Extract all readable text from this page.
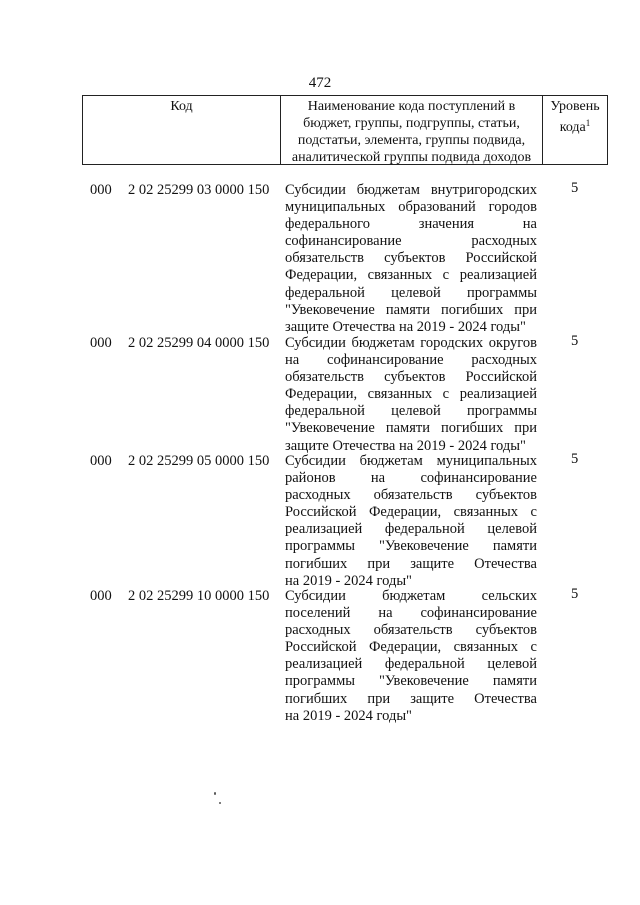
472
Код	Наименование кода поступлений в
бюджет, группы, подгруппы, статьи,
подстатьи, элемента, группы подвида,
аналитической группы подвида доходов
Уровень
кода$^1$
000 2 02 25299 03 0000 150 Субсидии бюджетам внутригородских
муниципальных образований городов
федерального значения на
софинансирование расходных
обязательств субъектов Российской
Федерации, связанных с реализацией
федеральной целевой программы
"Увековечение памяти погибших при
защите Отечества на 2019 - 2024 годы"
5
000 2 02 25299 04 0000 150 Субсидии бюджетам городских округов
на софинансирование расходных
обязательств субъектов Российской
Федерации, связанных с реализацией
федеральной целевой программы
"Увековечение памяти погибших при
защите Отечества на 2019 - 2024 годы"
5
000 2 02 25299 05 0000 150 Субсидии бюджетам муниципальных
районов на софинансирование
расходных обязательств субъектов
Российской Федерации, связанных с
реализацией федеральной целевой
программы "Увековечение памяти
погибших при защите Отечества
на 2019 - 2024 годы"
5
000 2 02 25299 10 0000 150 Субсидии бюджетам сельских
поселений на софинансирование
расходных обязательств субъектов
Российской Федерации, связанных с
реализацией федеральной целевой
программы "Увековечение памяти
погибших при защите Отечества
на 2019 - 2024 годы"
5
